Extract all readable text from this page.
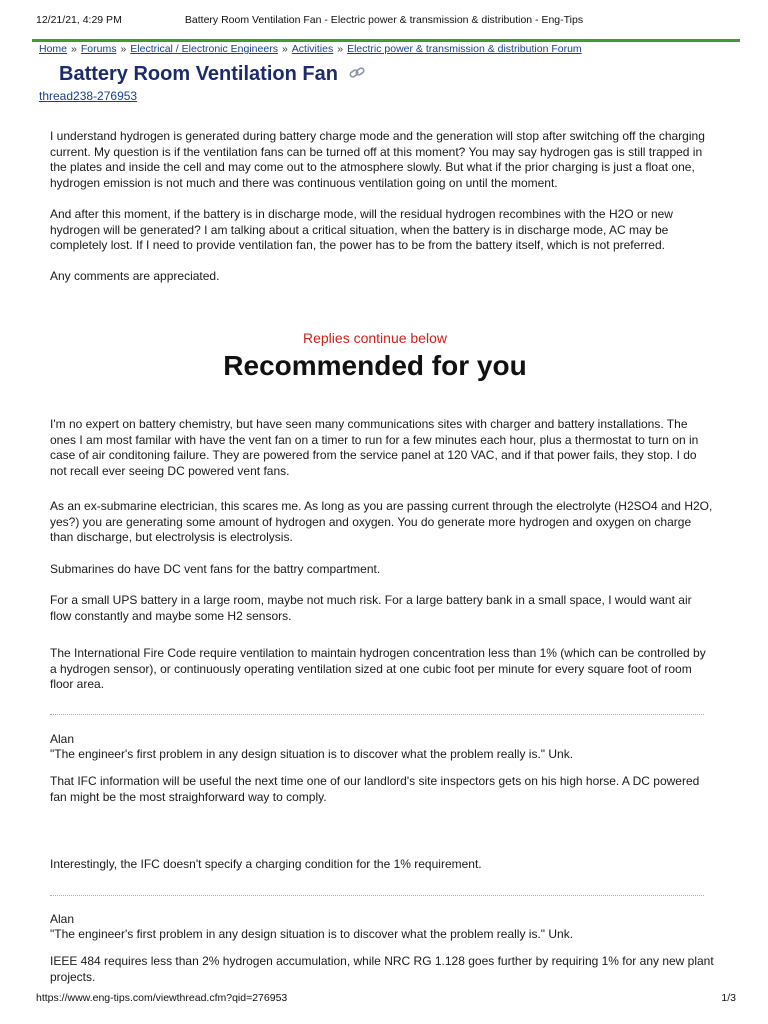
12/21/21, 4:29 PM	Battery Room Ventilation Fan - Electric power & transmission & distribution - Eng-Tips
Home » Forums » Electrical / Electronic Engineers » Activities » Electric power & transmission & distribution Forum
Battery Room Ventilation Fan
thread238-276953

I understand hydrogen is generated during battery charge mode and the generation will stop after switching off the charging current. My question is if the ventilation fans can be turned off at this moment? You may say hydrogen gas is still trapped in the plates and inside the cell and may come out to the atmosphere slowly. But what if the prior charging is just a float one, hydrogen emission is not much and there was continuous ventilation going on until the moment.

And after this moment, if the battery is in discharge mode, will the residual hydrogen recombines with the H2O or new hydrogen will be generated? I am talking about a critical situation, when the battery is in discharge mode, AC may be completely lost. If I need to provide ventilation fan, the power has to be from the battery itself, which is not preferred.

Any comments are appreciated.

Replies continue below
Recommended for you

I'm no expert on battery chemistry, but have seen many communications sites with charger and battery installations. The ones I am most familar with have the vent fan on a timer to run for a few minutes each hour, plus a thermostat to turn on in case of air conditoning failure. They are powered from the service panel at 120 VAC, and if that power fails, they stop. I do not recall ever seeing DC powered vent fans.

As an ex-submarine electrician, this scares me. As long as you are passing current through the electrolyte (H2SO4 and H2O, yes?) you are generating some amount of hydrogen and oxygen. You do generate more hydrogen and oxygen on charge than discharge, but electrolysis is electrolysis.

Submarines do have DC vent fans for the battry compartment.

For a small UPS battery in a large room, maybe not much risk. For a large battery bank in a small space, I would want air flow constantly and maybe some H2 sensors.

The International Fire Code require ventilation to maintain hydrogen concentration less than 1% (which can be controlled by a hydrogen sensor), or continuously operating ventilation sized at one cubic foot per minute for every square foot of room floor area.

Alan
"The engineer's first problem in any design situation is to discover what the problem really is." Unk.

That IFC information will be useful the next time one of our landlord's site inspectors gets on his high horse. A DC powered fan might be the most straighforward way to comply.

Interestingly, the IFC doesn't specify a charging condition for the 1% requirement.

Alan
"The engineer's first problem in any design situation is to discover what the problem really is." Unk.

IEEE 484 requires less than 2% hydrogen accumulation, while NRC RG 1.128 goes further by requiring 1% for any new plant projects.

https://www.eng-tips.com/viewthread.cfm?qid=276953	1/3
